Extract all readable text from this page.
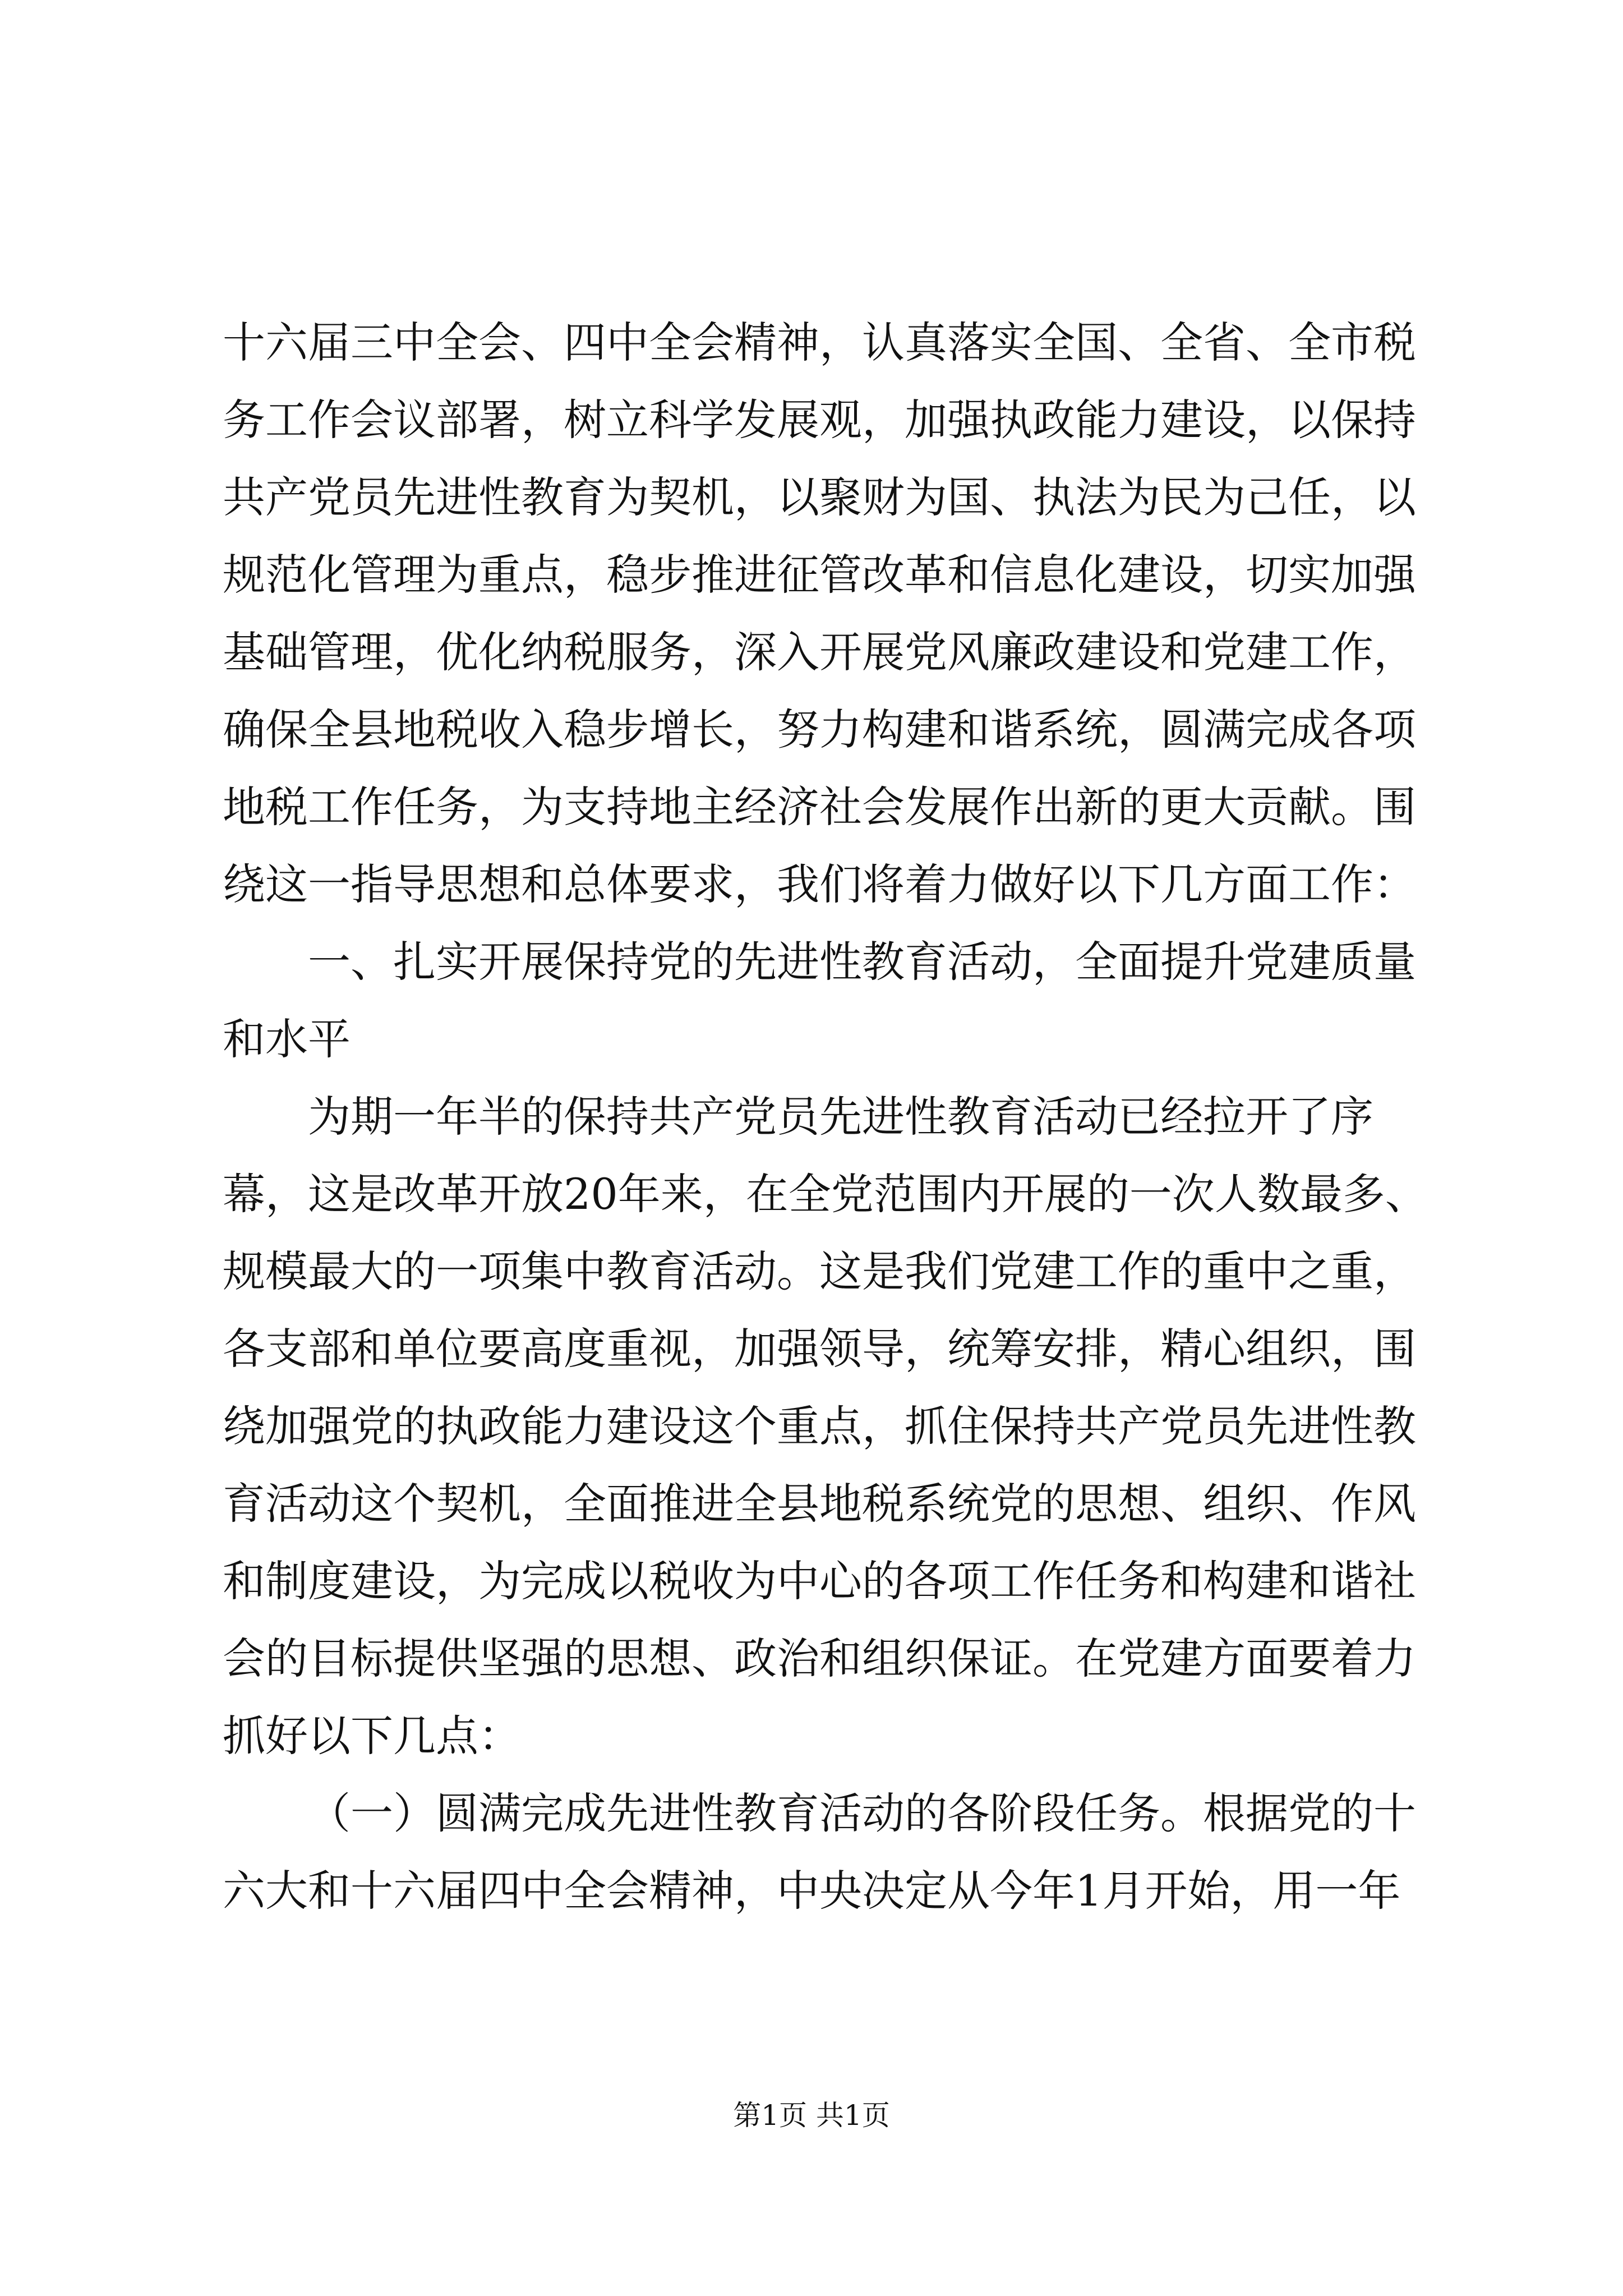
十六届三中全会、四中全会精神，认真落实全国、全省、全市税
务工作会议部署，树立科学发展观，加强执政能力建设，以保持
共产党员先进性教育为契机，以聚财为国、执法为民为己任，以
规范化管理为重点，稳步推进征管改革和信息化建设，切实加强
基础管理，优化纳税服务，深入开展党风廉政建设和党建工作，
确保全县地税收入稳步增长，努力构建和谐系统，圆满完成各项
地税工作任务，为支持地主经济社会发展作出新的更大贡献。围
绕这一指导思想和总体要求，我们将着力做好以下几方面工作：
一、扎实开展保持党的先进性教育活动，全面提升党建质量
和水平
为期一年半的保持共产党员先进性教育活动已经拉开了序
幕，这是改革开放20年来，在全党范围内开展的一次人数最多、
规模最大的一项集中教育活动。这是我们党建工作的重中之重，
各支部和单位要高度重视，加强领导，统筹安排，精心组织，围
绕加强党的执政能力建设这个重点，抓住保持共产党员先进性教
育活动这个契机，全面推进全县地税系统党的思想、组织、作风
和制度建设，为完成以税收为中心的各项工作任务和构建和谐社
会的目标提供坚强的思想、政治和组织保证。在党建方面要着力
抓好以下几点：
（一）圆满完成先进性教育活动的各阶段任务。根据党的十
六大和十六届四中全会精神，中央决定从今年1月开始，用一年
第1页 共1页
